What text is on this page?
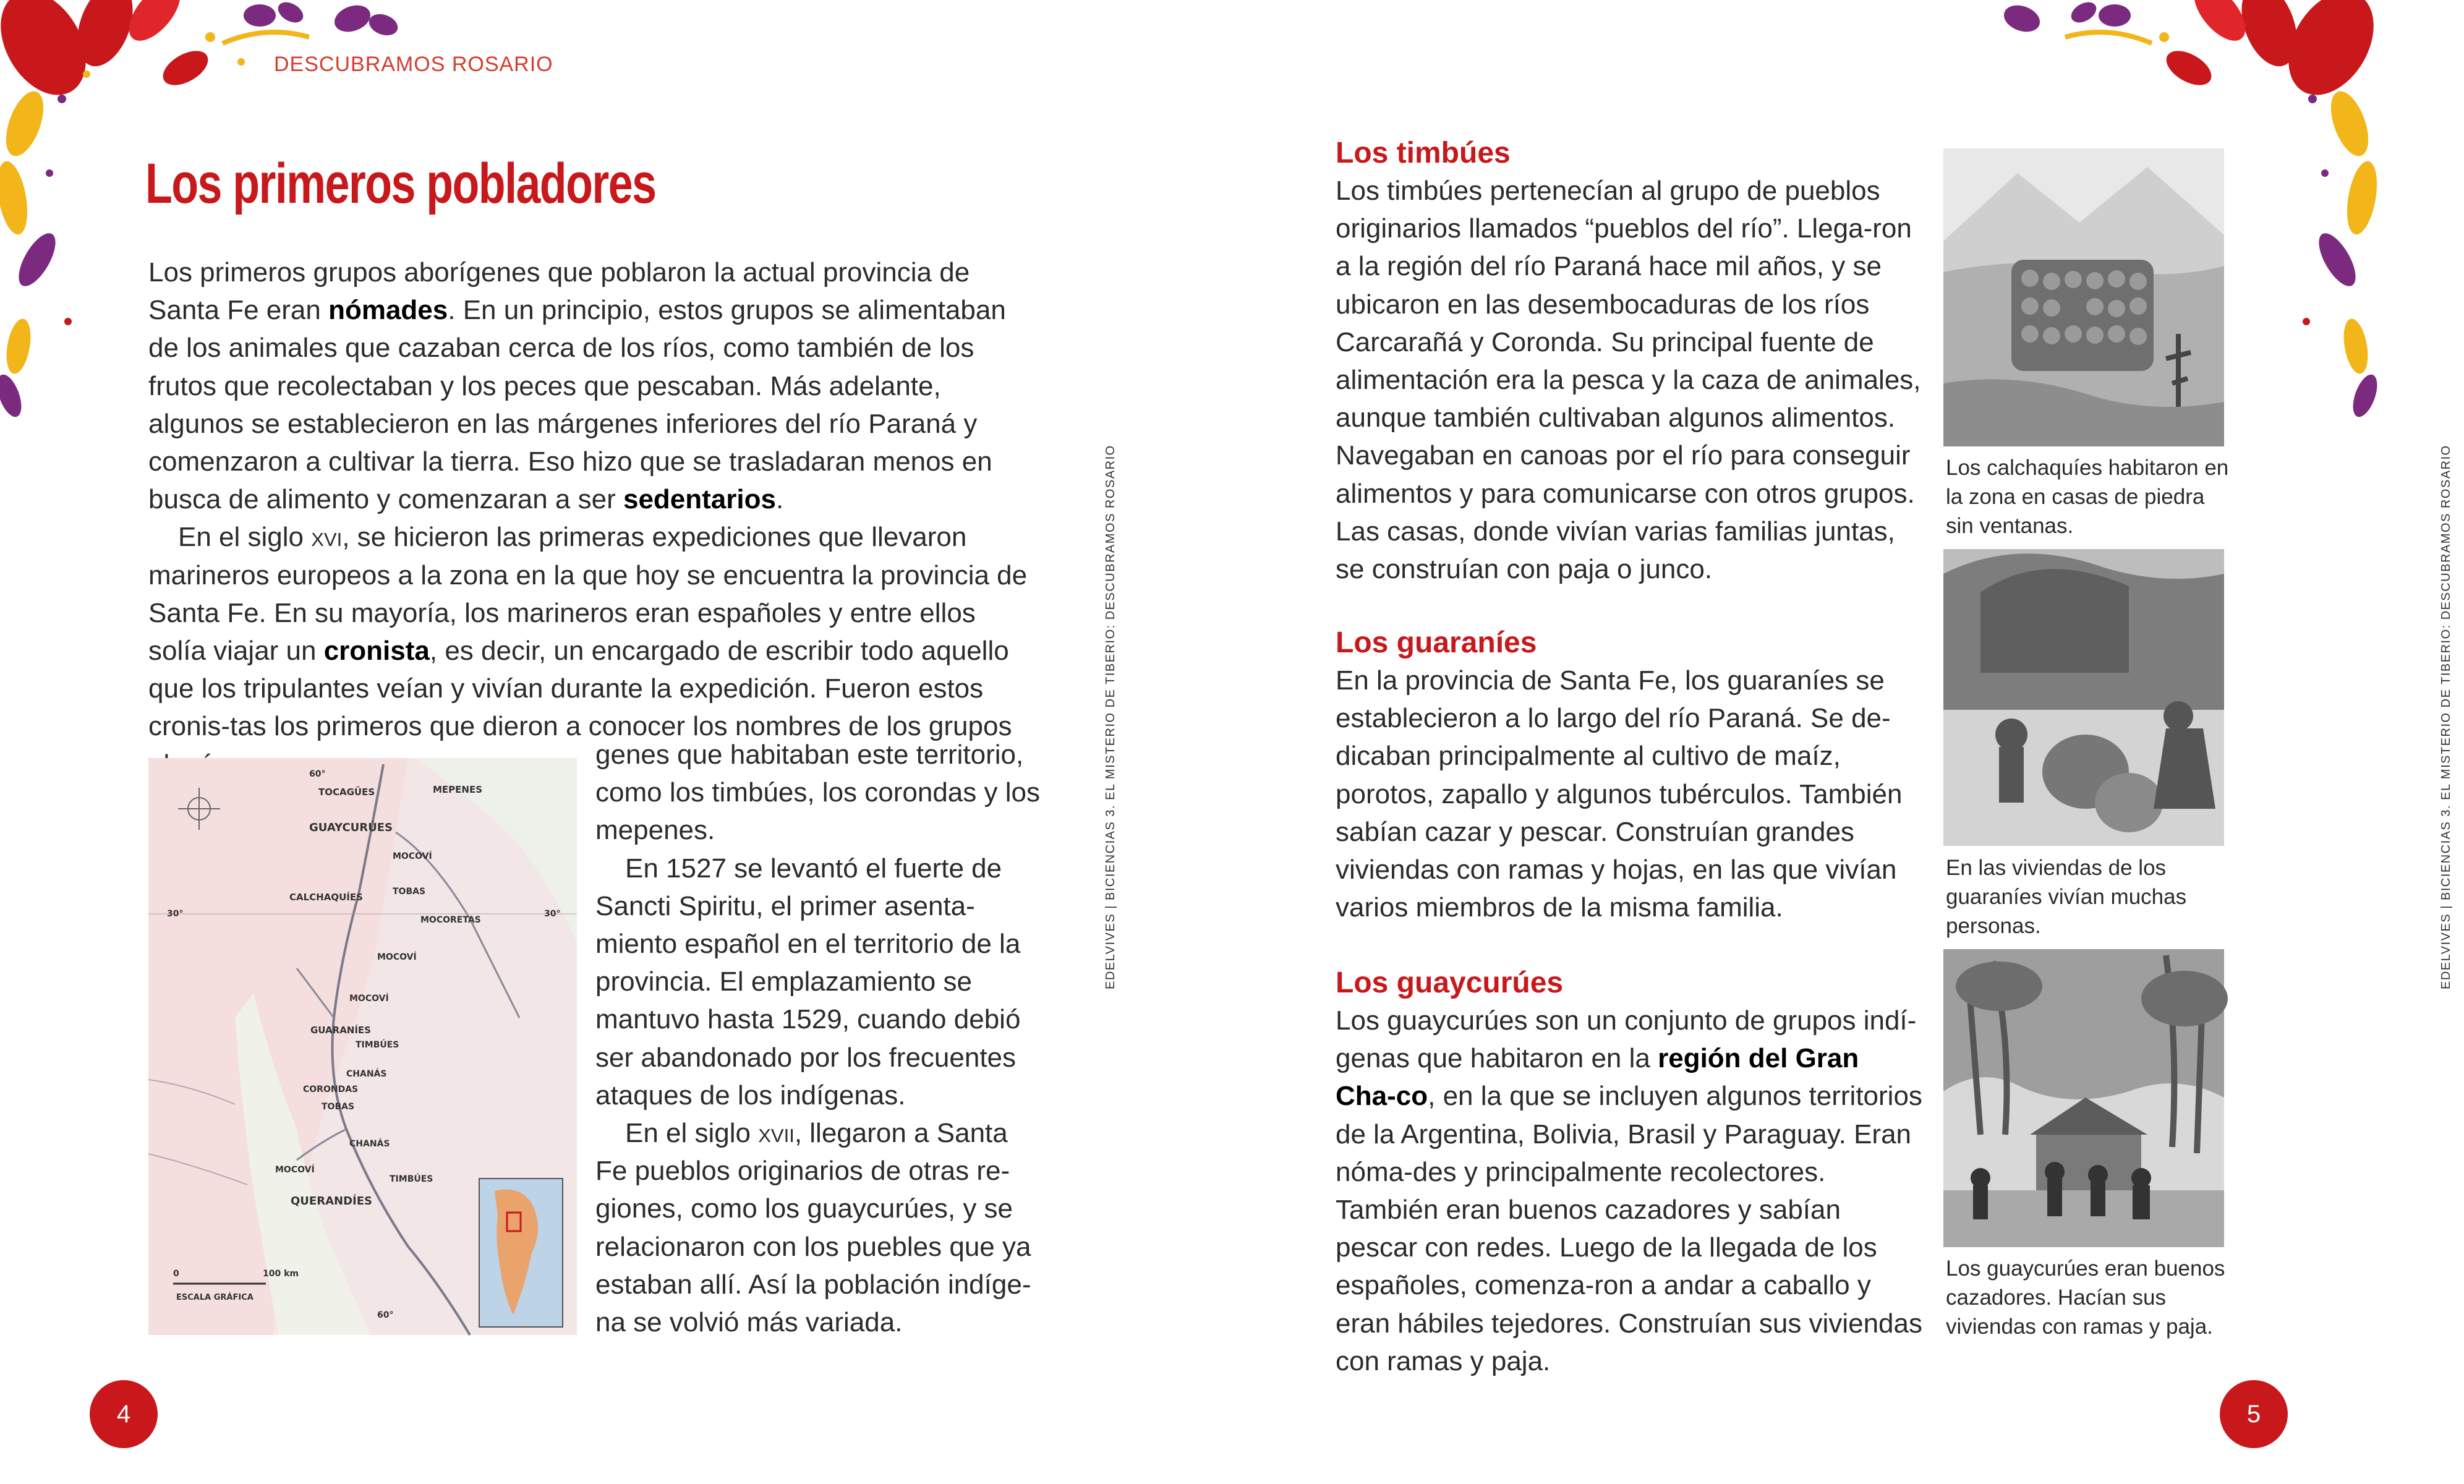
DESCUBRAMOS ROSARIO
Los primeros pobladores

Los primeros grupos aborígenes que poblaron la actual provincia de Santa Fe eran nómades. En un principio, estos grupos se alimentaban de los animales que cazaban cerca de los ríos, como también de los frutos que recolectaban y los peces que pescaban. Más adelante, algunos se establecieron en las márgenes inferiores del río Paraná y comenzaron a cultivar la tierra. Eso hizo que se trasladaran menos en busca de alimento y comenzaran a ser sedentarios.

En el siglo xvi, se hicieron las primeras expediciones que llevaron marineros europeos a la zona en la que hoy se encuentra la provincia de Santa Fe. En su mayoría, los marineros eran españoles y entre ellos solía viajar un cronista, es decir, un encargado de escribir todo aquello que los tripulantes veían y vivían durante la expedición. Fueron estos cronis-tas los primeros que dieron a conocer los nombres de los grupos

TOCAGÜES	MEPENES
60°
GUAYCURÚES
MOCOVÍ
CALCHAQUÍES	TOBAS
MOCORETAS
30°	30°
MOCOVÍ
MOCOVÍ
GUARANÍES
TIMBÚES
CHANÁS
CORONDAS
TOBAS
CHANÁS
MOCOVÍ
TIMBÚES
QUERANDÍES
0	100 km
ESCALA GRÁFICA
60°

genes que habitaban este territorio, como los timbúes, los corondas y los mepenes.

En 1527 se levantó el fuerte de Sancti Spiritu, el primer asenta-miento español en el territorio de la provincia. El emplazamiento se mantuvo hasta 1529, cuando debió ser abandonado por los frecuentes ataques de los indígenas.

En el siglo xvii, llegaron a Santa Fe pueblos originarios de otras re-giones, como los guaycurúes, y se relacionaron con los puebles que ya estaban allí. Así la población indíge-na se volvió más variada.

EDELVIVES | BICIENCIAS 3. EL MISTERIO DE TIBERIO: DESCUBRAMOS ROSARIO
4
EDELVIVES | BICIENCIAS 3. EL MISTERIO DE TIBERIO: DESCUBRAMOS ROSARIO
Los timbúes

Los timbúes pertenecían al grupo de pueblos originarios llamados “pueblos del río”. Llega-ron a la región del río Paraná hace mil años, y se ubicaron en las desembocaduras de los ríos Carcarañá y Coronda. Su principal fuente de alimentación era la pesca y la caza de animales, aunque también cultivaban algunos alimentos. Navegaban en canoas por el río para conseguir alimentos y para comunicarse con otros grupos. Las casas, donde vivían varias familias juntas, se construían con paja o junco.

Los guaraníes

En la provincia de Santa Fe, los guaraníes se establecieron a lo largo del río Paraná. Se de-dicaban principalmente al cultivo de maíz, porotos, zapallo y algunos tubérculos. También sabían cazar y pescar. Construían grandes viviendas con ramas y hojas, en las que vivían varios miembros de la misma familia.

Los guaycurúes

Los guaycurúes son un conjunto de grupos indí-genas que habitaron en la región del Gran Cha-co, en la que se incluyen algunos territorios de la Argentina, Bolivia, Brasil y Paraguay. Eran nóma-des y principalmente recolectores. También eran buenos cazadores y sabían pescar con redes. Luego de la llegada de los españoles, comenza-ron a andar a caballo y eran hábiles tejedores. Construían sus viviendas con ramas y paja.

Los calchaquíes habitaron en la zona en casas de piedra sin ventanas.
En las viviendas de los guaraníes vivían muchas personas.
Los guaycurúes eran buenos cazadores. Hacían sus viviendas con ramas y paja.
5
